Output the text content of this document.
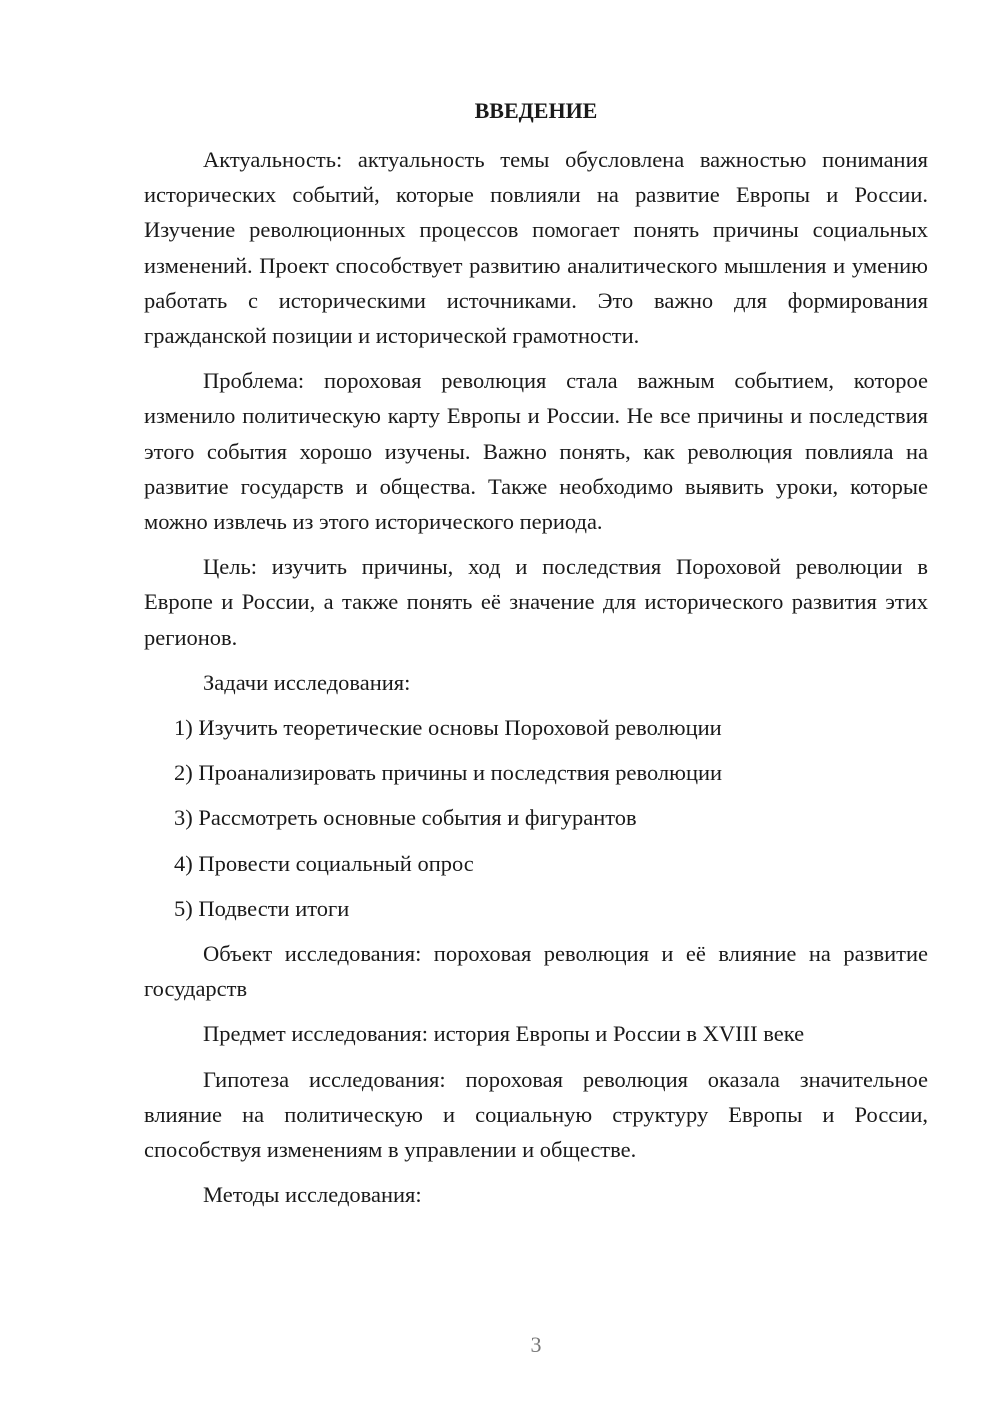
ВВЕДЕНИЕ

Актуальность: актуальность темы обусловлена важностью понимания исторических событий, которые повлияли на развитие Европы и России. Изучение революционных процессов помогает понять причины социальных изменений. Проект способствует развитию аналитического мышления и умению работать с историческими источниками. Это важно для формирования гражданской позиции и исторической грамотности.

Проблема: пороховая революция стала важным событием, которое изменило политическую карту Европы и России. Не все причины и последствия этого события хорошо изучены. Важно понять, как революция повлияла на развитие государств и общества. Также необходимо выявить уроки, которые можно извлечь из этого исторического периода.

Цель: изучить причины, ход и последствия Пороховой революции в Европе и России, а также понять её значение для исторического развития этих регионов.

Задачи исследования:

1) Изучить теоретические основы Пороховой революции
2) Проанализировать причины и последствия революции
3) Рассмотреть основные события и фигурантов
4) Провести социальный опрос
5) Подвести итоги

Объект исследования: пороховая революция и её влияние на развитие государств

Предмет исследования: история Европы и России в XVIII веке

Гипотеза исследования: пороховая революция оказала значительное влияние на политическую и социальную структуру Европы и России, способствуя изменениям в управлении и обществе.

Методы исследования:

3
